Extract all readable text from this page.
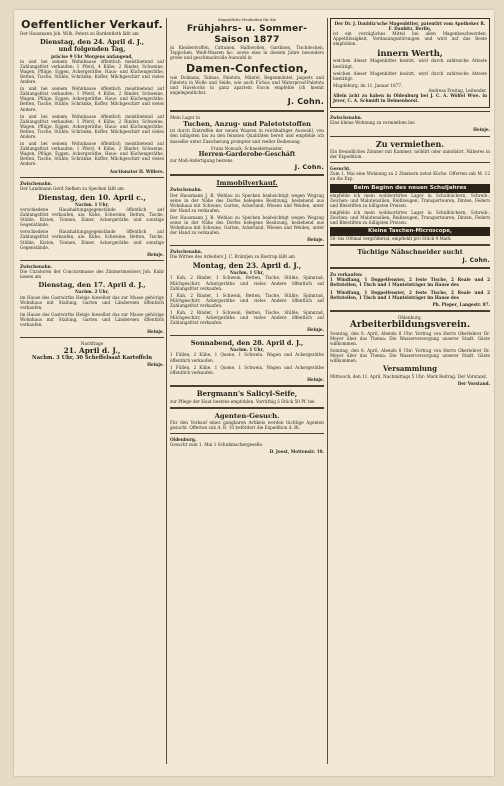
Oeffentlicher Verkauf.

Der Hausmann Joh. Wilh. Peters zu Bardenfleth läßt am

Dienstag, den 24. April d. J.,
und folgenden Tag,
präcise 9 Uhr Morgens anfangend,

in und bei seinem Wohnhause öffentlich meistbietend auf Zahlungsfrist verkaufen: 1 Pferd, 4 Kühe, 2 Rinder, Schweine, Wagen, Pflüge, Eggen, Ackergeräthe, Haus- und Küchengeräthe, Betten, Tische, Stühle, Schränke, Koffer, Milchgeschirr und vieles Andere.

in und bei seinem Wohnhause öffentlich meistbietend auf Zahlungsfrist verkaufen: 1 Pferd, 4 Kühe, 2 Rinder, Schweine, Wagen, Pflüge, Eggen, Ackergeräthe, Haus- und Küchengeräthe, Betten, Tische, Stühle, Schränke, Koffer, Milchgeschirr und vieles Andere.

in und bei seinem Wohnhause öffentlich meistbietend auf Zahlungsfrist verkaufen: 1 Pferd, 4 Kühe, 2 Rinder, Schweine, Wagen, Pflüge, Eggen, Ackergeräthe, Haus- und Küchengeräthe, Betten, Tische, Stühle, Schränke, Koffer, Milchgeschirr und vieles Andere.

in und bei seinem Wohnhause öffentlich meistbietend auf Zahlungsfrist verkaufen: 1 Pferd, 4 Kühe, 2 Rinder, Schweine, Wagen, Pflüge, Eggen, Ackergeräthe, Haus- und Küchengeräthe, Betten, Tische, Stühle, Schränke, Koffer, Milchgeschirr und vieles Andere.

Auctionator H. Willers.
Zwischenahn.

Der Landmann Gerd Siefken zu Specken läßt am

Dienstag, den 10. April c.,
Nachm. 1 Uhr,

verschiedene Haushaltungsgegenstände öffentlich auf Zahlungsfrist verkaufen, als: Kühe, Schweine, Betten, Tische, Stühle, Kisten, Tonnen, Eimer, Ackergeräthe und sonstige Gegenstände.

verschiedene Haushaltungsgegenstände öffentlich auf Zahlungsfrist verkaufen, als: Kühe, Schweine, Betten, Tische, Stühle, Kisten, Tonnen, Eimer, Ackergeräthe und sonstige Gegenstände.

Heinje.
Zwischenahn.

Die Curatoren der Concursmasse des Zimmermeisters Joh. Kuhr lassen am

Dienstag, den 17. April d. J.,
Nachm. 2 Uhr,

im Hause des Gastwirths Heinje hieselbst das zur Masse gehörige Wohnhaus mit Stallung, Garten und Ländereien öffentlich verkaufen.

im Hause des Gastwirths Heinje hieselbst das zur Masse gehörige Wohnhaus mit Stallung, Garten und Ländereien öffentlich verkaufen.

Heinje.
Nachfrage
21. April d. J.,
Nachm. 3 Uhr, 30 Scheffelsaat Kartoffeln
Heinje.
Sämmtliche Neuheiten für die
Frühjahrs- u. Sommer-Saison 1877

in Kleiderstoffen, Cattunen, Halbwollen, Gardinen, Tischdecken, Teppichen, Weiß-Waaren &c. sowie eine in diesem Jahre besonders große und geschmackvolle Auswahl in

Damen-Confection,

wie Dolmans, Talmas, Paletots, Mäntel, Regenmäntel, Jaquets und Paletots in Wolle und Seide, wie auch Fichus und Waterproof-Paletots und Havelocks in ganz apartem Facon empfehle ich hiemit angelegentlichst.

J. Cohn.
Mein Lager in
Tuchen, Anzug- und Paletotstoffen

ist durch Eintreffen der neuen Waaren in reichhaltiger Auswahl, von den billigsten bis zu den feinsten Qualitäten bereit und empfehle ich dasselbe unter Zusicherung prompter und reeller Bedienung.

Franz Nowack, Schneidermeister.
Herren-Garderobe-Geschäft
zur Maß-Anfertigung bestens.
J. Cohn.
Immobilverkauf.
Zwischenahn.

Der Hausmann J. B. Wehlau zu Specken beabsichtigt wegen Wegzug seine in der Nähe des Dorfes belegene Besitzung, bestehend aus Wohnhaus mit Scheune, Garten, Ackerland, Wiesen und Weiden, unter der Hand zu verkaufen.

Der Hausmann J. B. Wehlau zu Specken beabsichtigt wegen Wegzug seine in der Nähe des Dorfes belegene Besitzung, bestehend aus Wohnhaus mit Scheune, Garten, Ackerland, Wiesen und Weiden, unter der Hand zu verkaufen.

Heinje.
Zwischenahn.

Die Wittwe des Arbeiters J. C. Brüntjen zu Rostrup läßt am

Montag, den 23. April d. J.,
Nachm. 1 Uhr,

1 Kuh, 2 Rinder, 1 Schwein, Betten, Tische, Stühle, Spinnrad, Milchgeschirr, Ackergeräthe und vieles Andere öffentlich auf Zahlungsfrist verkaufen.

1 Kuh, 2 Rinder, 1 Schwein, Betten, Tische, Stühle, Spinnrad, Milchgeschirr, Ackergeräthe und vieles Andere öffentlich auf Zahlungsfrist verkaufen.

1 Kuh, 2 Rinder, 1 Schwein, Betten, Tische, Stühle, Spinnrad, Milchgeschirr, Ackergeräthe und vieles Andere öffentlich auf Zahlungsfrist verkaufen.

Heinje.
Sonnabend, den 28. April d. J.,
Nachm. 1 Uhr,

1 Füllen, 2 Kühe, 1 Quene, 1 Schwein, Wagen und Ackergeräthe öffentlich verkaufen.

1 Füllen, 2 Kühe, 1 Quene, 1 Schwein, Wagen und Ackergeräthe öffentlich verkaufen.

Heinje.
Bergmann's Salicyl-Seife,

zur Pflege der Haut bestens empfohlen. Vorräthig à Stück 50 Pf. bei

Agenten-Gesuch.

Für den Verkauf eines gangbaren Artikels werden tüchtige Agenten gesucht. Offerten sub A. B. 10 befördert die Expedition d. Bl.

Oldenburg.

Gesucht zum 1. Mai 1 Schuhmachergeselle.

D. Joost, Mottenstr. 10.
Der Dr. J. Daubitz'sche Magenbitter, patentirt vom Apotheker R. F. Daubitz, Berlin,

ist ein vorzügliches Mittel bei allen Magenbeschwerden, Appetitlosigkeit, Verdauungsstörungen und wird auf das Beste empfohlen.

innern Werth,

welchen dieser Magenbitter besitzt, wird durch zahlreiche Atteste bestätigt.

welchen dieser Magenbitter besitzt, wird durch zahlreiche Atteste bestätigt.

Magdeburg, im 11. Januar 1877.
Andreas Freitag, Leitender.

Allein ächt zu haben in Oldenburg bei J. C. A. Wölfel Wwe. in Jever, C. A. Schmidt in Delmenhorst.

Zwischenahn.

Eine kleine Wohnung zu vermiethen bei

Heinje.
Zu vermiethen.

Ein freundliches Zimmer mit Kammer, möblirt oder unmöblirt. Näheres in der Expedition.

Gesucht.

Zum 1. Mai eine Wohnung zu 2 Zimmern nebst Küche. Offerten sub M. 12 an die Exp.

Beim Beginn des neuen Schuljahres

empfehle ich mein wohlsortirtes Lager in Schulbüchern, Schreib-, Zeichen- und Malutensilien, Reißzeugen, Transporteuren, Dinten, Federn und Bleistiften zu billigsten Preisen.

empfehle ich mein wohlsortirtes Lager in Schulbüchern, Schreib-, Zeichen- und Malutensilien, Reißzeugen, Transporteuren, Dinten, Federn und Bleistiften zu billigsten Preisen.

Kleine Taschen-Microscope,

50- bis 100mal vergrößernd, empfiehlt pro Stück 4 Mark

Tüchtige Nähschneider sucht
J. Cohn.
Zu verkaufen:

1 Windfang, 1 Doppelfenster, 2 feste Tische, 2 Reale und 2 Bettstellen, 1 Tisch und 1 Mantelsträger im Hause des

1 Windfang, 1 Doppelfenster, 2 feste Tische, 2 Reale und 2 Bettstellen, 1 Tisch und 1 Mantelsträger im Hause des

Ph. Pieper, Langestr. 87.
Oldenburg.
Arbeiterbildungsverein.

Sonntag, den 8. April, Abends 8 Uhr: Vortrag von Herrn Oberlehrer Dr. Meyer über das Thema: Die Wasserversorgung unserer Stadt. Gäste willkommen.

Sonntag, den 8. April, Abends 8 Uhr: Vortrag von Herrn Oberlehrer Dr. Meyer über das Thema: Die Wasserversorgung unserer Stadt. Gäste willkommen.

Versammlung

Mittwoch, den 11. April, Nachmittags 5 Uhr: Mark Beitrag. Der Vorstand.

Der Vorstand.
